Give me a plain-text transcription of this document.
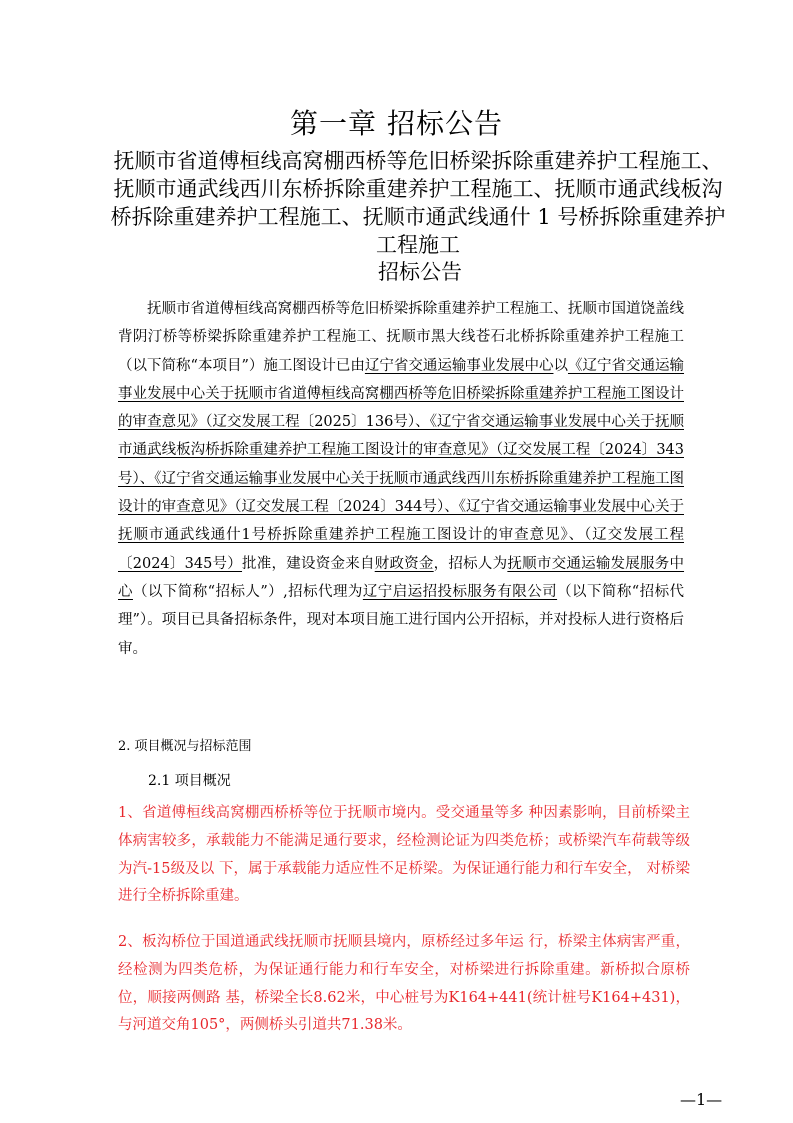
第一章 招标公告
抚顺市省道傅桓线高窝棚西桥等危旧桥梁拆除重建养护工程施工、抚顺市通武线西川东桥拆除重建养护工程施工、抚顺市通武线板沟桥拆除重建养护工程施工、抚顺市通武线通什 1 号桥拆除重建养护工程施工
招标公告
抚顺市省道傅桓线高窝棚西桥等危旧桥梁拆除重建养护工程施工、抚顺市国道饶盖线背阴汀桥等桥梁拆除重建养护工程施工、抚顺市黑大线苍石北桥拆除重建养护工程施工（以下简称“本项目”）施工图设计已由辽宁省交通运输事业发展中心以《辽宁省交通运输事业发展中心关于抚顺市省道傅桓线高窝棚西桥等危旧桥梁拆除重建养护工程施工图设计的审查意见》（辽交发展工程〔2025〕136号）、《辽宁省交通运输事业发展中心关于抚顺市通武线板沟桥拆除重建养护工程施工图设计的审查意见》（辽交发展工程〔2024〕343号）、《辽宁省交通运输事业发展中心关于抚顺市通武线西川东桥拆除重建养护工程施工图设计的审查意见》（辽交发展工程〔2024〕344号）、《辽宁省交通运输事业发展中心关于抚顺市通武线通什1号桥拆除重建养护工程施工图设计的审查意见》、（辽交发展工程〔2024〕345号）批准，建设资金来自财政资金，招标人为抚顺市交通运输发展服务中心（以下简称“招标人”）,招标代理为辽宁启运招投标服务有限公司（以下简称“招标代理”）。项目已具备招标条件，现对本项目施工进行国内公开招标，并对投标人进行资格后审。
2. 项目概况与招标范围
2.1 项目概况
1、省道傅桓线高窝棚西桥桥等位于抚顺市境内。受交通量等多 种因素影响，目前桥梁主体病害较多，承载能力不能满足通行要求，经检测论证为四类危桥；或桥梁汽车荷载等级为汽-15级及以 下，属于承载能力适应性不足桥梁。为保证通行能力和行车安全， 对桥梁进行全桥拆除重建。
2、板沟桥位于国道通武线抚顺市抚顺县境内，原桥经过多年运 行，桥梁主体病害严重，经检测为四类危桥，为保证通行能力和行车安全，对桥梁进行拆除重建。新桥拟合原桥位，顺接两侧路 基，桥梁全长8.62米，中心桩号为K164+441(统计桩号K164+431)， 与河道交角105°，两侧桥头引道共71.38米。
—1—
